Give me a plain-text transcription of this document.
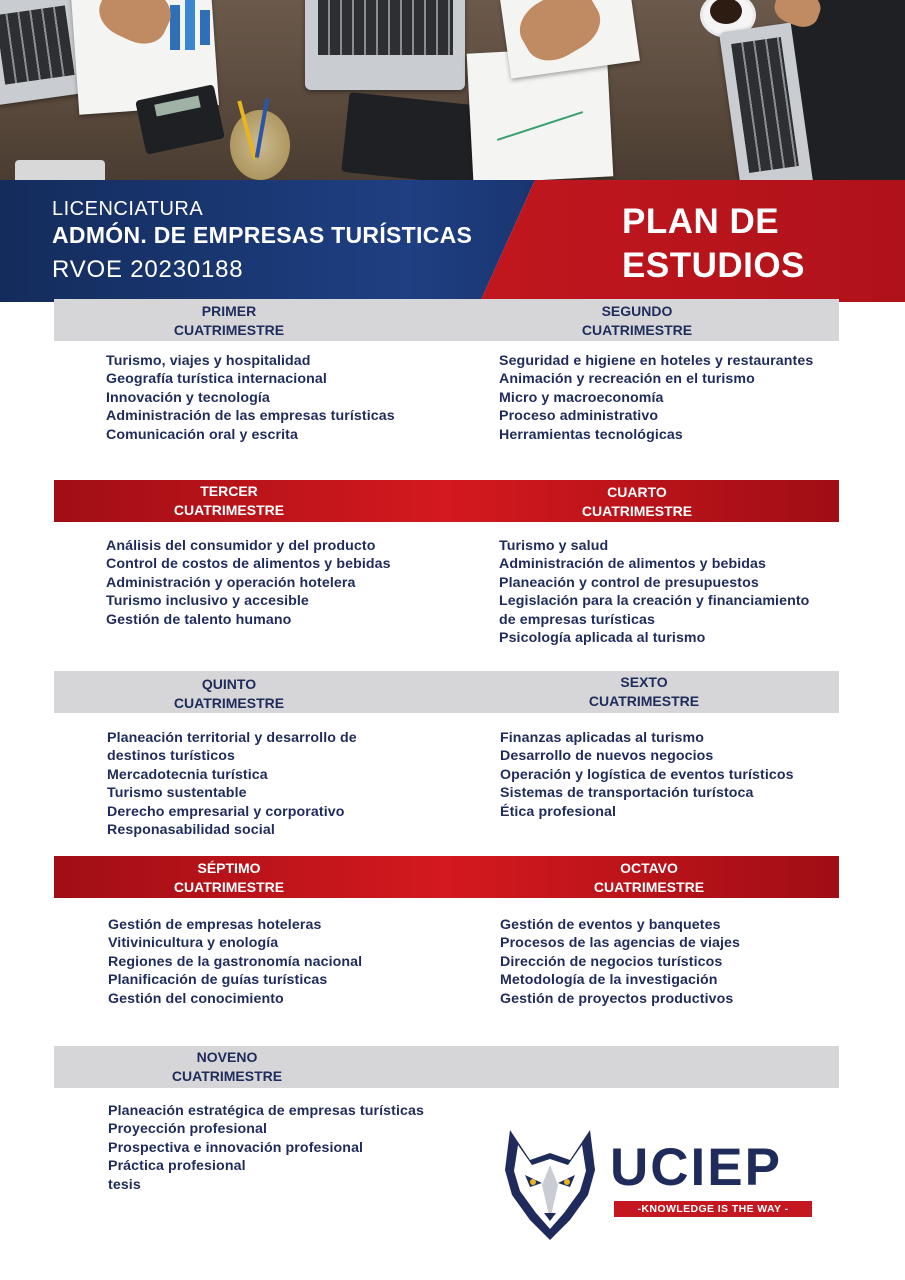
LICENCIATURA
ADMÓN. DE EMPRESAS TURÍSTICAS
RVOE 20230188
PLAN DE
ESTUDIOS
PRIMER
CUATRIMESTRE
SEGUNDO
CUATRIMESTRE
Turismo, viajes y hospitalidad
Geografía turística internacional
Innovación y tecnología
Administración de las empresas turísticas
Comunicación oral y escrita
Seguridad e higiene en hoteles y restaurantes
Animación y recreación en el turismo
Micro y macroeconomía
Proceso administrativo
Herramientas tecnológicas
TERCER
CUATRIMESTRE
CUARTO
CUATRIMESTRE
Análisis del consumidor y del producto
Control de costos de alimentos y bebidas
Administración y operación hotelera
Turismo inclusivo y accesible
Gestión de talento humano
Turismo y salud
Administración de alimentos y bebidas
Planeación y control de presupuestos
Legislación para la creación y financiamiento
de empresas turísticas
Psicología aplicada al turismo
QUINTO
CUATRIMESTRE
SEXTO
CUATRIMESTRE
Planeación territorial y desarrollo de
destinos turísticos
Mercadotecnia turística
Turismo sustentable
Derecho empresarial y corporativo
Responasabilidad social
Finanzas aplicadas al turismo
Desarrollo de nuevos negocios
Operación y logística de eventos turísticos
Sistemas de transportación turístoca
Ética profesional
SÉPTIMO
CUATRIMESTRE
OCTAVO
CUATRIMESTRE
Gestión de empresas hoteleras
Vitivinicultura y enología
Regiones de la gastronomía nacional
Planificación de guías turísticas
Gestión del conocimiento
Gestión de eventos y banquetes
Procesos de las agencias de viajes
Dirección de negocios turísticos
Metodología de la investigación
Gestión de proyectos productivos
NOVENO
CUATRIMESTRE
Planeación estratégica de empresas turísticas
Proyección profesional
Prospectiva e innovación profesional
Práctica profesional
tesis	UCIEP
-KNOWLEDGE IS THE WAY -
